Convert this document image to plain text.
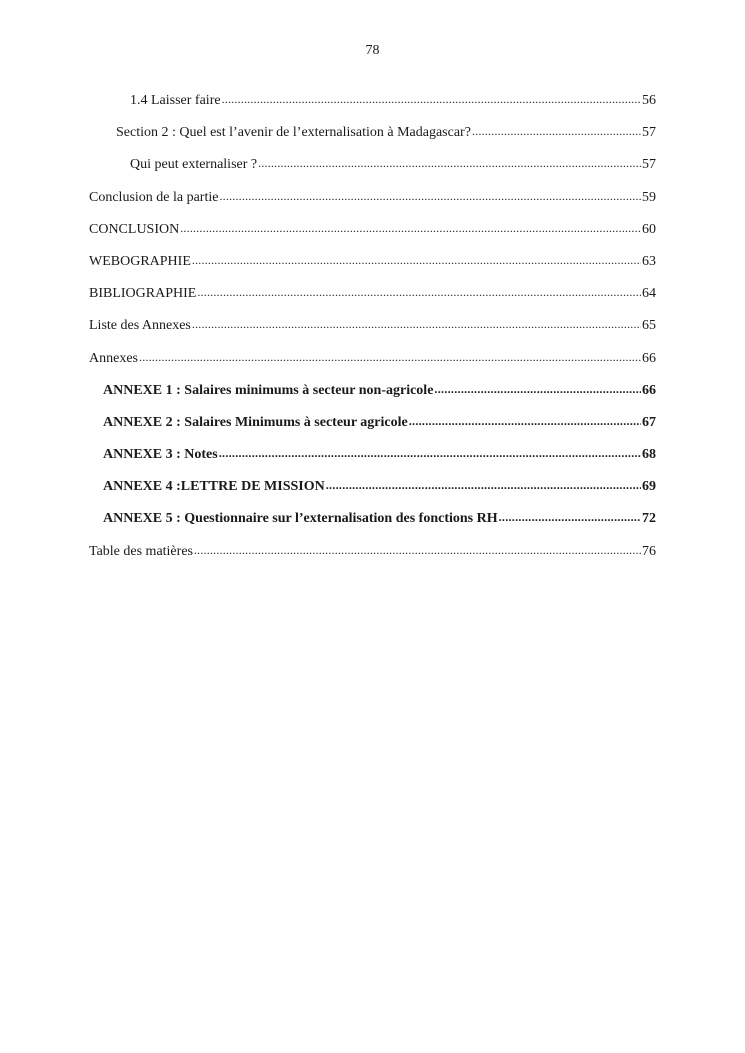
78
1.4 Laisser faire .....	56
Section 2 : Quel est l’avenir de l’externalisation à Madagascar? .....	57
Qui peut externaliser ? .....	57
Conclusion de la partie .....	59
CONCLUSION .....	60
WEBOGRAPHIE .....	63
BIBLIOGRAPHIE .....	64
Liste des Annexes .....	65
Annexes .....	66
ANNEXE 1 : Salaires minimums à secteur non-agricole .....	66
ANNEXE 2 : Salaires Minimums à secteur agricole .....	67
ANNEXE 3 : Notes .....	68
ANNEXE 4 :LETTRE DE MISSION .....	69
ANNEXE 5 : Questionnaire sur l’externalisation des fonctions RH .....	72
Table des matières .....	76
